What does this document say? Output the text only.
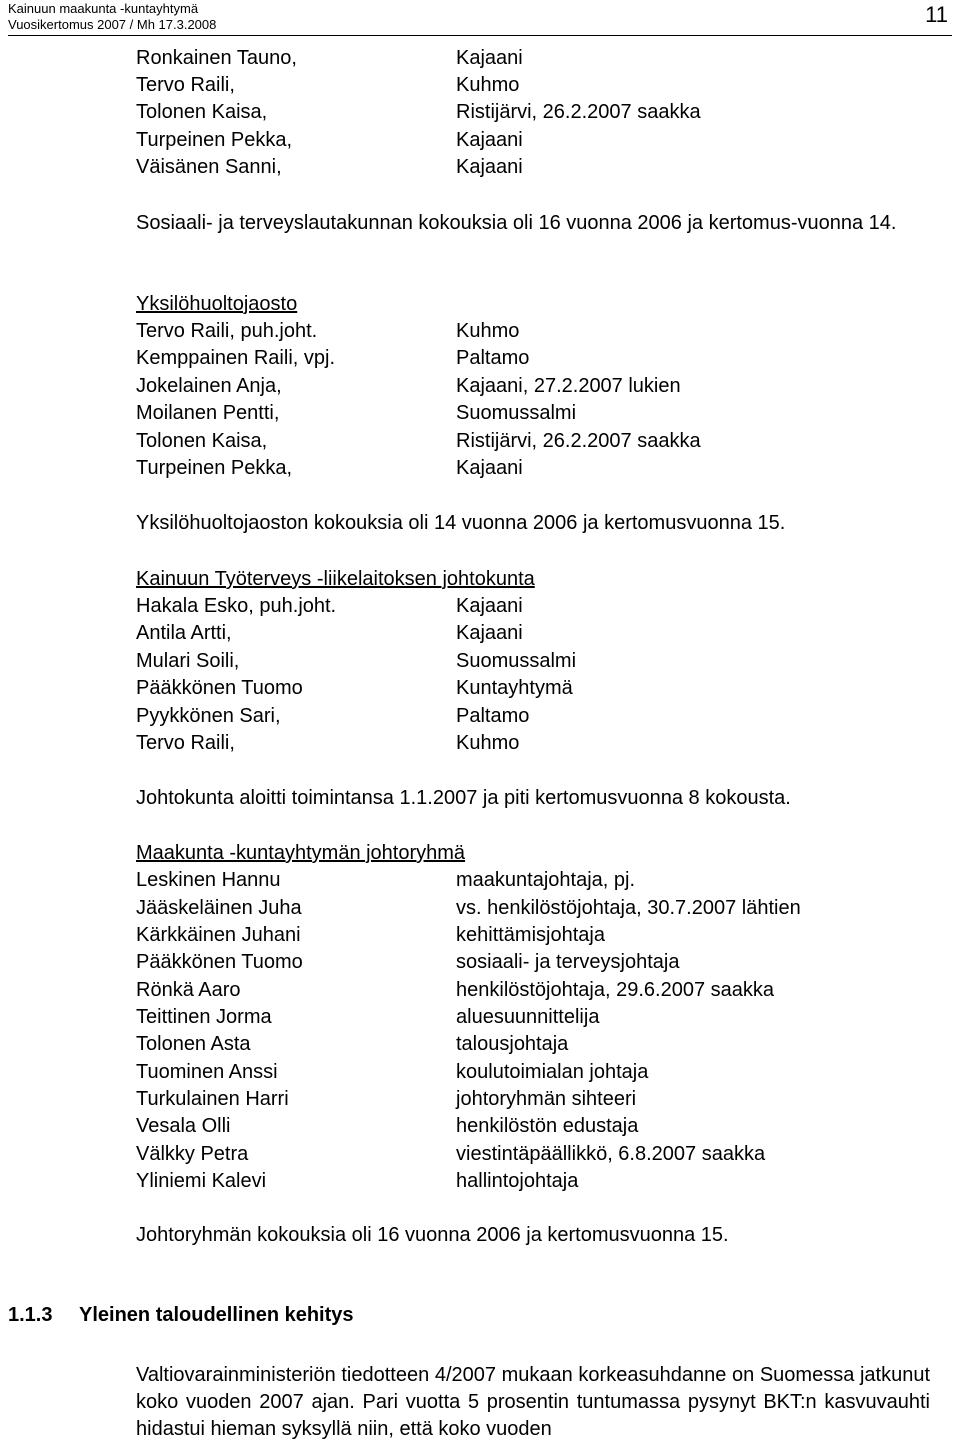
Kainuun maakunta -kuntayhtymä
Vuosikertomus 2007 / Mh 17.3.2008	11
Ronkainen Tauno,	Kajaani
Tervo Raili,	Kuhmo
Tolonen Kaisa,	Ristijärvi, 26.2.2007 saakka
Turpeinen Pekka,	Kajaani
Väisänen Sanni,	Kajaani
Sosiaali- ja terveyslautakunnan kokouksia oli 16 vuonna 2006 ja kertomus-vuonna 14.
Yksilöhuoltojaosto
Tervo Raili, puh.joht.	Kuhmo
Kemppainen Raili, vpj.	Paltamo
Jokelainen Anja,	Kajaani, 27.2.2007 lukien
Moilanen Pentti,	Suomussalmi
Tolonen Kaisa,	Ristijärvi, 26.2.2007 saakka
Turpeinen Pekka,	Kajaani
Yksilöhuoltojaoston kokouksia oli 14 vuonna 2006 ja kertomusvuonna 15.
Kainuun Työterveys -liikelaitoksen johtokunta
Hakala Esko, puh.joht.	Kajaani
Antila Artti,	Kajaani
Mulari Soili,	Suomussalmi
Pääkkönen Tuomo	Kuntayhtymä
Pyykkönen Sari,	Paltamo
Tervo Raili,	Kuhmo
Johtokunta aloitti toimintansa 1.1.2007 ja piti kertomusvuonna 8 kokousta.
Maakunta -kuntayhtymän johtoryhmä
Leskinen Hannu	maakuntajohtaja, pj.
Jääskeläinen Juha	vs. henkilöstöjohtaja, 30.7.2007 lähtien
Kärkkäinen Juhani	kehittämisjohtaja
Pääkkönen Tuomo	sosiaali- ja terveysjohtaja
Rönkä Aaro	henkilöstöjohtaja, 29.6.2007 saakka
Teittinen Jorma	aluesuunnittelija
Tolonen Asta	talousjohtaja
Tuominen Anssi	koulutoimialan johtaja
Turkulainen Harri	johtoryhmän sihteeri
Vesala Olli	henkilöstön edustaja
Välkky Petra	viestintäpäällikkö, 6.8.2007 saakka
Yliniemi Kalevi	hallintojohtaja
Johtoryhmän kokouksia oli 16 vuonna 2006 ja kertomusvuonna 15.
1.1.3 Yleinen taloudellinen kehitys
Valtiovarainministeriön tiedotteen 4/2007 mukaan korkeasuhdanne on Suomessa jatkunut koko vuoden 2007 ajan. Pari vuotta 5 prosentin tuntumassa pysynyt BKT:n kasvuvauhti hidastui hieman syksyllä niin, että koko vuoden
